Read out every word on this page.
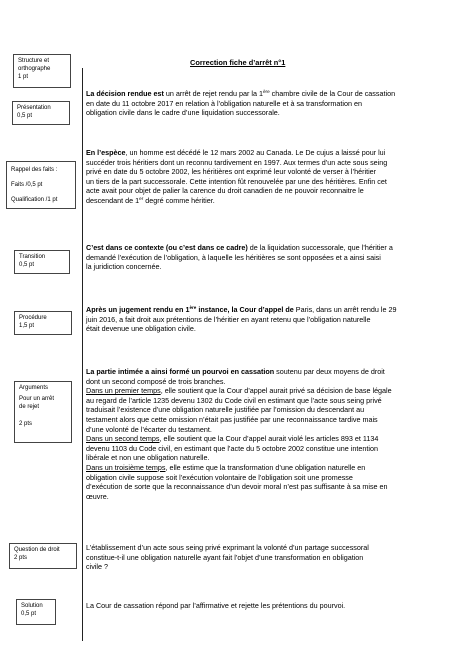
Structure et
orthographe
1 pt
Présentation
0,5 pt
Rappel des faits :
Faits /0,5 pt
Qualification /1 pt
Transition
0,5 pt
Procédure
1,5 pt
Arguments
Pour un arrêt
de rejet
2 pts
Question de droit
2 pts
Solution
0,5 pt
Correction fiche d’arrêt n°1
La décision rendue est un arrêt de rejet rendu par la 1ère chambre civile de la Cour de cassation
en date du 11 octobre 2017 en relation à l’obligation naturelle et à sa transformation en
obligation civile dans le cadre d’une liquidation successorale.
En l’espèce, un homme est décédé le 12 mars 2002 au Canada. Le De cujus a laissé pour lui
succéder trois héritiers dont un reconnu tardivement en 1997. Aux termes d’un acte sous seing
privé en date du 5 octobre 2002, les héritières ont exprimé leur volonté de verser à l’héritier
un tiers de la part successorale. Cette intention fût renouvelée par une des héritières. Enfin cet
acte avait pour objet de palier la carence du droit canadien de ne pouvoir reconnaitre le
descendant de 1er degré comme héritier.
C’est dans ce contexte (ou c’est dans ce cadre) de la liquidation successorale, que l’héritier a
demandé l’exécution de l’obligation, à laquelle les héritières se sont opposées et a ainsi saisi
la juridiction concernée.
Après un jugement rendu en 1ère instance, la Cour d’appel de Paris, dans un arrêt rendu le 29
juin 2016, a fait droit aux prétentions de l’héritier en ayant retenu que l’obligation naturelle
était devenue une obligation civile.
La partie intimée a ainsi formé un pourvoi en cassation soutenu par deux moyens de droit
dont un second composé de trois branches.
Dans un premier temps, elle soutient que la Cour d’appel aurait privé sa décision de base légale
au regard de l’article 1235 devenu 1302 du Code civil en estimant que l’acte sous seing privé
traduisait l’existence d’une obligation naturelle justifiée par l’omission du descendant au
testament alors que cette omission n’était pas justifiée par une reconnaissance tardive mais
d’une volonté de l’écarter du testament.
Dans un second temps, elle soutient que la Cour d’appel aurait violé les articles 893 et 1134
devenu 1103 du Code civil, en estimant que l’acte du 5 octobre 2002 constitue une intention
libérale et non une obligation naturelle.
Dans un troisième temps, elle estime que la transformation d’une obligation naturelle en
obligation civile suppose soit l’exécution volontaire de l’obligation soit une promesse
d’exécution de sorte que la reconnaissance d’un devoir moral n’est pas suffisante à sa mise en
œuvre.
L’établissement d’un acte sous seing privé exprimant la volonté d’un partage successoral
constitue-t-il une obligation naturelle ayant fait l’objet d’une transformation en obligation
civile ?
La Cour de cassation répond par l’affirmative et rejette les prétentions du pourvoi.
